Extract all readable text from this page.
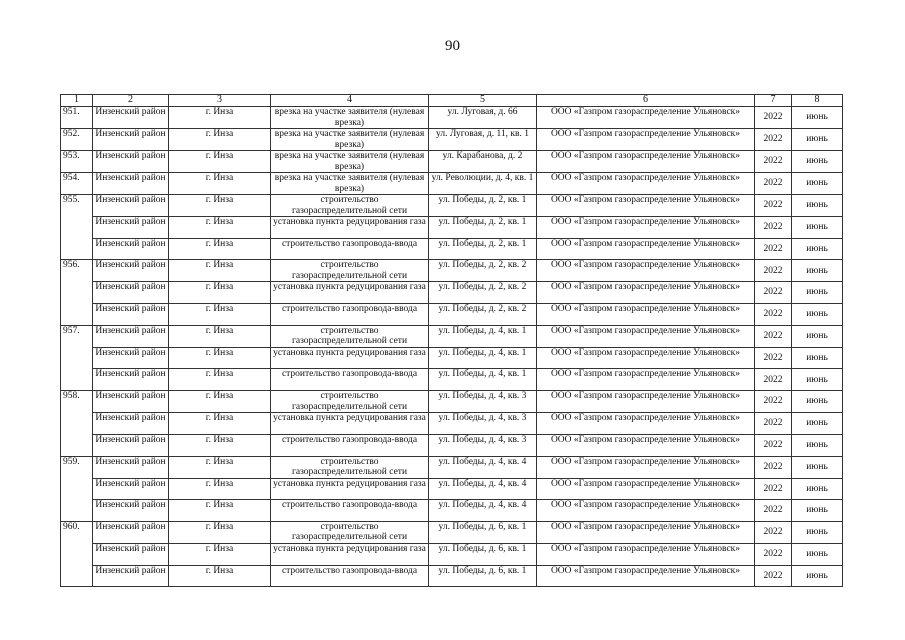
90
1	2	3	4	5	6	7	8
951.	Инзенский район	г. Инза	врезка на участке заявителя (нулевая врезка)	ул. Луговая, д. 66	ООО «Газпром газораспределение Ульяновск»	2022	июнь
952.	Инзенский район	г. Инза	врезка на участке заявителя (нулевая врезка)	ул. Луговая, д. 11, кв. 1	ООО «Газпром газораспределение Ульяновск»	2022	июнь
953.	Инзенский район	г. Инза	врезка на участке заявителя (нулевая врезка)	ул. Карабанова, д. 2	ООО «Газпром газораспределение Ульяновск»	2022	июнь
954.	Инзенский район	г. Инза	врезка на участке заявителя (нулевая врезка)	ул. Революции, д. 4, кв. 1	ООО «Газпром газораспределение Ульяновск»	2022	июнь
955.	Инзенский район	г. Инза	строительство газораспределительной сети	ул. Победы, д. 2, кв. 1	ООО «Газпром газораспределение Ульяновск»	2022	июнь
	Инзенский район	г. Инза	установка пункта редуцирования газа	ул. Победы, д. 2, кв. 1	ООО «Газпром газораспределение Ульяновск»	2022	июнь
	Инзенский район	г. Инза	строительство газопровода-ввода	ул. Победы, д. 2, кв. 1	ООО «Газпром газораспределение Ульяновск»	2022	июнь
956.	Инзенский район	г. Инза	строительство газораспределительной сети	ул. Победы, д. 2, кв. 2	ООО «Газпром газораспределение Ульяновск»	2022	июнь
	Инзенский район	г. Инза	установка пункта редуцирования газа	ул. Победы, д. 2, кв. 2	ООО «Газпром газораспределение Ульяновск»	2022	июнь
	Инзенский район	г. Инза	строительство газопровода-ввода	ул. Победы, д. 2, кв. 2	ООО «Газпром газораспределение Ульяновск»	2022	июнь
957.	Инзенский район	г. Инза	строительство газораспределительной сети	ул. Победы, д. 4, кв. 1	ООО «Газпром газораспределение Ульяновск»	2022	июнь
	Инзенский район	г. Инза	установка пункта редуцирования газа	ул. Победы, д. 4, кв. 1	ООО «Газпром газораспределение Ульяновск»	2022	июнь
	Инзенский район	г. Инза	строительство газопровода-ввода	ул. Победы, д. 4, кв. 1	ООО «Газпром газораспределение Ульяновск»	2022	июнь
958.	Инзенский район	г. Инза	строительство газораспределительной сети	ул. Победы, д. 4, кв. 3	ООО «Газпром газораспределение Ульяновск»	2022	июнь
	Инзенский район	г. Инза	установка пункта редуцирования газа	ул. Победы, д. 4, кв. 3	ООО «Газпром газораспределение Ульяновск»	2022	июнь
	Инзенский район	г. Инза	строительство газопровода-ввода	ул. Победы, д. 4, кв. 3	ООО «Газпром газораспределение Ульяновск»	2022	июнь
959.	Инзенский район	г. Инза	строительство газораспределительной сети	ул. Победы, д. 4, кв. 4	ООО «Газпром газораспределение Ульяновск»	2022	июнь
	Инзенский район	г. Инза	установка пункта редуцирования газа	ул. Победы, д. 4, кв. 4	ООО «Газпром газораспределение Ульяновск»	2022	июнь
	Инзенский район	г. Инза	строительство газопровода-ввода	ул. Победы, д. 4, кв. 4	ООО «Газпром газораспределение Ульяновск»	2022	июнь
960.	Инзенский район	г. Инза	строительство газораспределительной сети	ул. Победы, д. 6, кв. 1	ООО «Газпром газораспределение Ульяновск»	2022	июнь
	Инзенский район	г. Инза	установка пункта редуцирования газа	ул. Победы, д. 6, кв. 1	ООО «Газпром газораспределение Ульяновск»	2022	июнь
	Инзенский район	г. Инза	строительство газопровода-ввода	ул. Победы, д. 6, кв. 1	ООО «Газпром газораспределение Ульяновск»	2022	июнь
